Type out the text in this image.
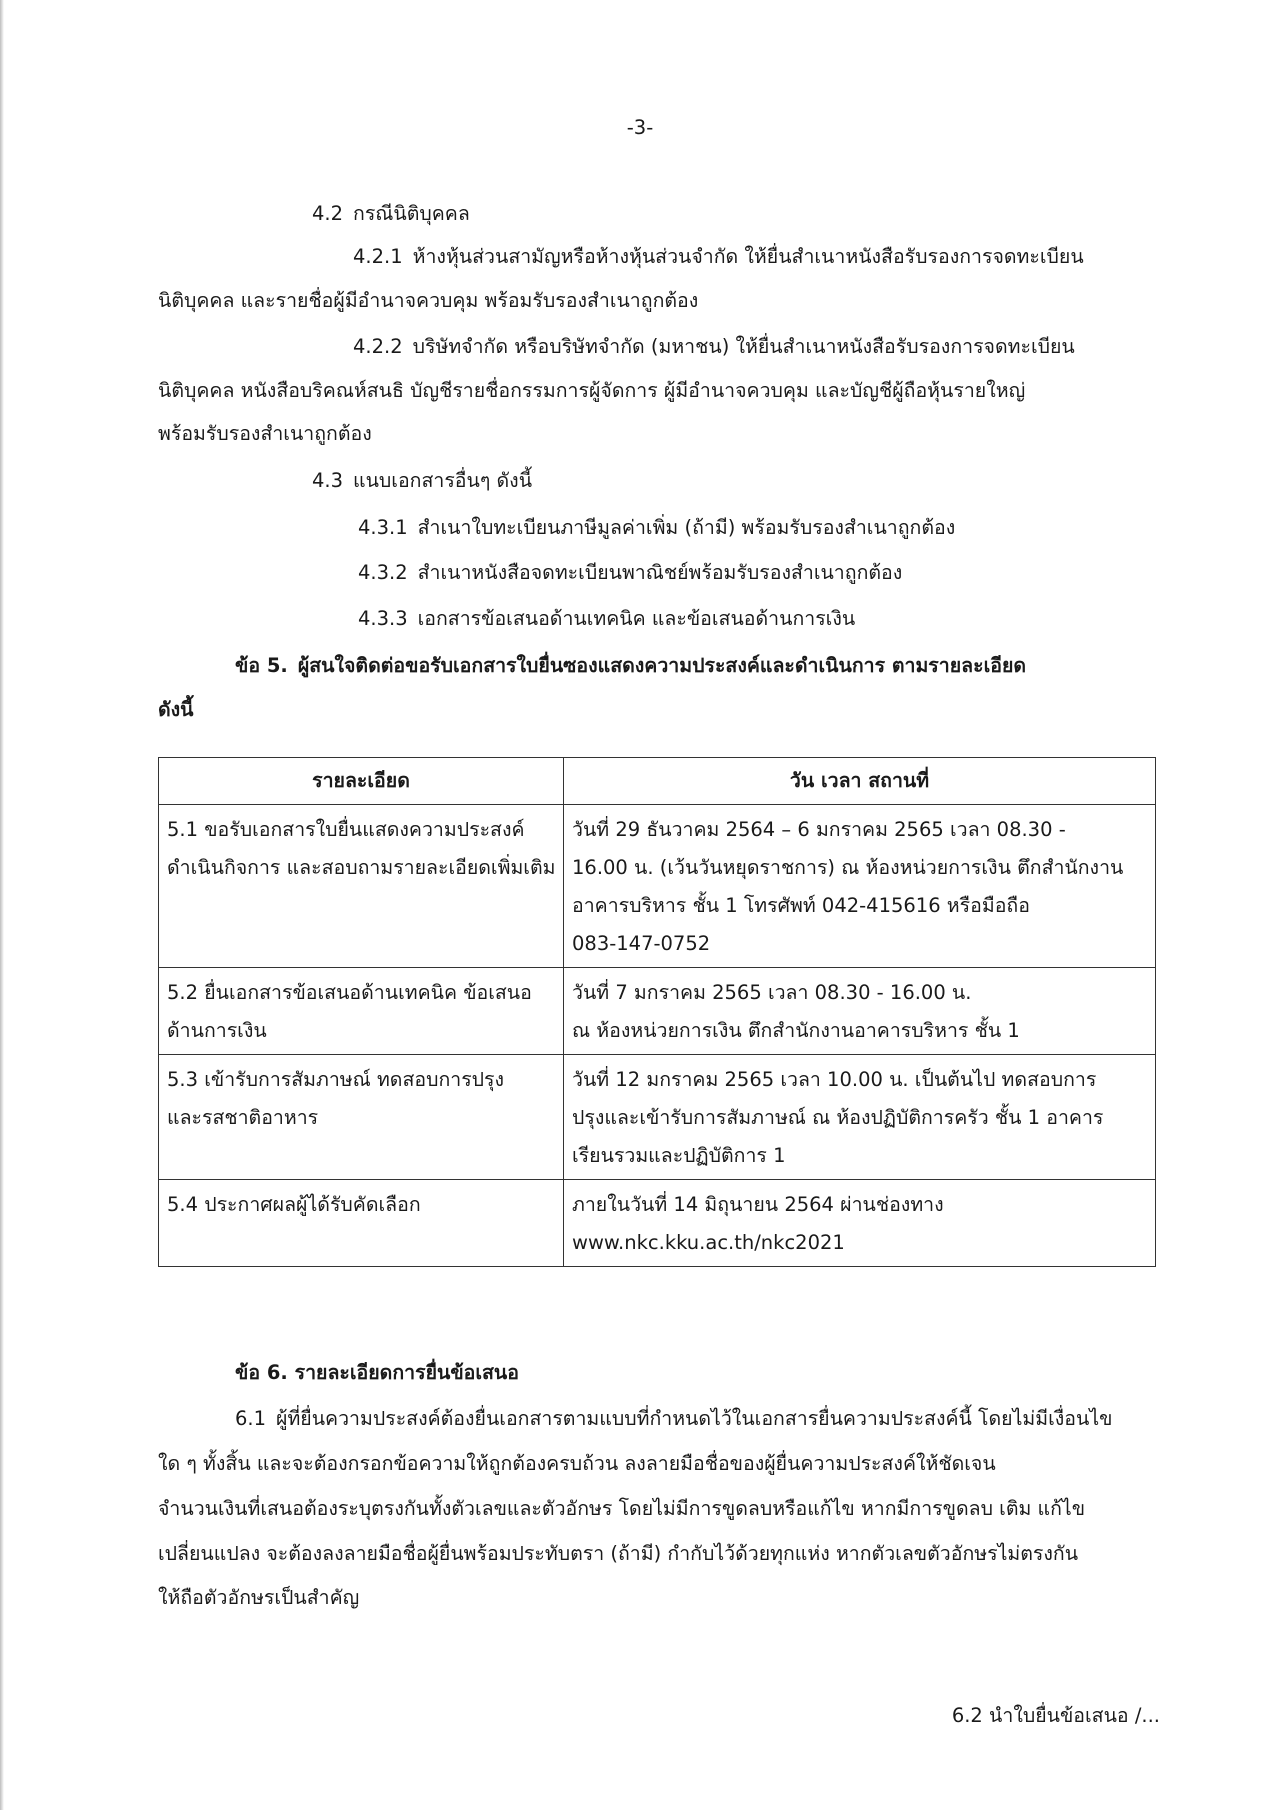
-3-
4.2 กรณีนิติบุคคล
4.2.1 ห้างหุ้นส่วนสามัญหรือห้างหุ้นส่วนจำกัด ให้ยื่นสำเนาหนังสือรับรองการจดทะเบียน
นิติบุคคล และรายชื่อผู้มีอำนาจควบคุม พร้อมรับรองสำเนาถูกต้อง
4.2.2 บริษัทจำกัด หรือบริษัทจำกัด (มหาชน) ให้ยื่นสำเนาหนังสือรับรองการจดทะเบียน
นิติบุคคล หนังสือบริคณห์สนธิ บัญชีรายชื่อกรรมการผู้จัดการ ผู้มีอำนาจควบคุม และบัญชีผู้ถือหุ้นรายใหญ่
พร้อมรับรองสำเนาถูกต้อง
4.3 แนบเอกสารอื่นๆ ดังนี้
4.3.1 สำเนาใบทะเบียนภาษีมูลค่าเพิ่ม (ถ้ามี) พร้อมรับรองสำเนาถูกต้อง
4.3.2 สำเนาหนังสือจดทะเบียนพาณิชย์พร้อมรับรองสำเนาถูกต้อง
4.3.3 เอกสารข้อเสนอด้านเทคนิค และข้อเสนอด้านการเงิน
ข้อ 5. ผู้สนใจติดต่อขอรับเอกสารใบยื่นซองแสดงความประสงค์และดำเนินการ ตามรายละเอียด
ดังนี้
รายละเอียด	วัน เวลา สถานที่

5.1 ขอรับเอกสารใบยื่นแสดงความประสงค์
ดำเนินกิจการ และสอบถามรายละเอียดเพิ่มเติม	วันที่ 29 ธันวาคม 2564 – 6 มกราคม 2565 เวลา 08.30 -
16.00 น. (เว้นวันหยุดราชการ) ณ ห้องหน่วยการเงิน ตึกสำนักงาน
อาคารบริหาร ชั้น 1 โทรศัพท์ 042-415616 หรือมือถือ
083-147-0752

5.2 ยื่นเอกสารข้อเสนอด้านเทคนิค ข้อเสนอ
ด้านการเงิน	วันที่ 7 มกราคม 2565 เวลา 08.30 - 16.00 น.
ณ ห้องหน่วยการเงิน ตึกสำนักงานอาคารบริหาร ชั้น 1

5.3 เข้ารับการสัมภาษณ์ ทดสอบการปรุง
และรสชาติอาหาร	วันที่ 12 มกราคม 2565 เวลา 10.00 น. เป็นต้นไป ทดสอบการ
ปรุงและเข้ารับการสัมภาษณ์ ณ ห้องปฏิบัติการครัว ชั้น 1 อาคาร
เรียนรวมและปฏิบัติการ 1

5.4 ประกาศผลผู้ได้รับคัดเลือก	ภายในวันที่ 14 มิถุนายน 2564 ผ่านช่องทาง
www.nkc.kku.ac.th/nkc2021
ข้อ 6. รายละเอียดการยื่นข้อเสนอ
6.1 ผู้ที่ยื่นความประสงค์ต้องยื่นเอกสารตามแบบที่กำหนดไว้ในเอกสารยื่นความประสงค์นี้ โดยไม่มีเงื่อนไข
ใด ๆ ทั้งสิ้น และจะต้องกรอกข้อความให้ถูกต้องครบถ้วน ลงลายมือชื่อของผู้ยื่นความประสงค์ให้ชัดเจน
จำนวนเงินที่เสนอต้องระบุตรงกันทั้งตัวเลขและตัวอักษร โดยไม่มีการขูดลบหรือแก้ไข หากมีการขูดลบ เติม แก้ไข
เปลี่ยนแปลง จะต้องลงลายมือชื่อผู้ยื่นพร้อมประทับตรา (ถ้ามี) กำกับไว้ด้วยทุกแห่ง หากตัวเลขตัวอักษรไม่ตรงกัน
ให้ถือตัวอักษรเป็นสำคัญ
6.2 นำใบยื่นข้อเสนอ /...
